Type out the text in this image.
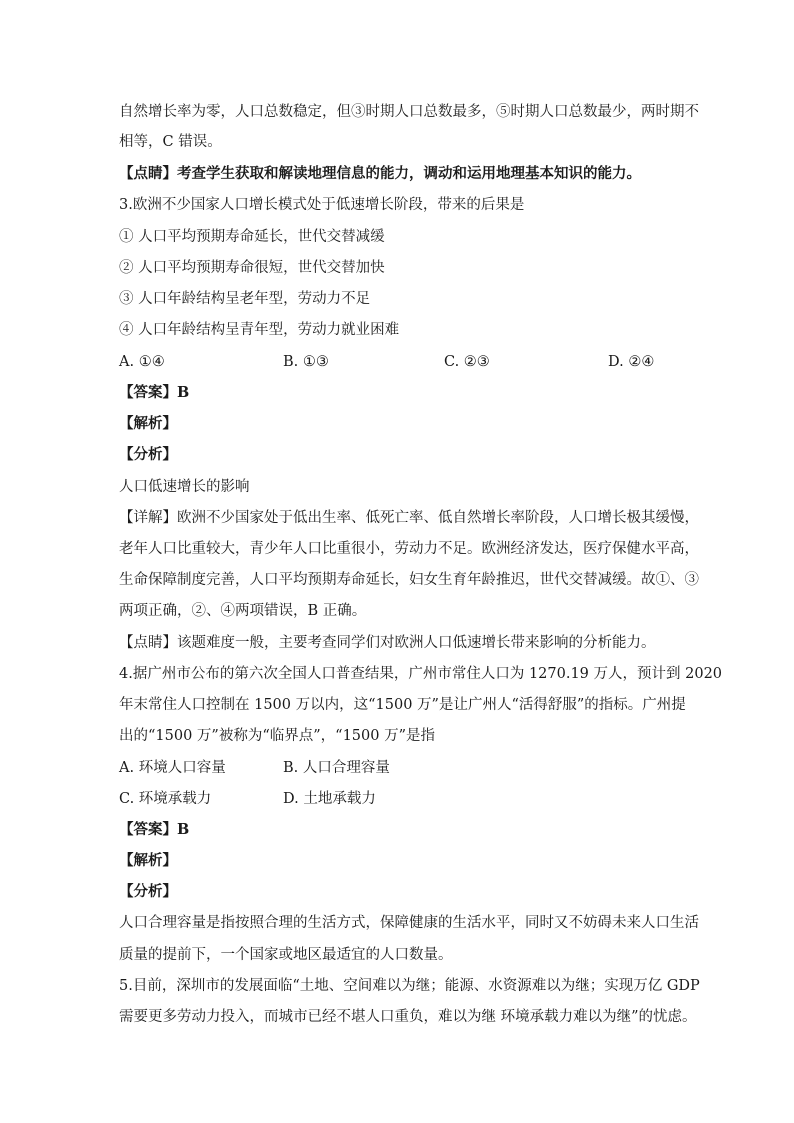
自然增长率为零，人口总数稳定，但③时期人口总数最多，⑤时期人口总数最少，两时期不
相等，C 错误。
【点睛】考查学生获取和解读地理信息的能力，调动和运用地理基本知识的能力。
3.欧洲不少国家人口增长模式处于低速增长阶段，带来的后果是
① 人口平均预期寿命延长，世代交替减缓
② 人口平均预期寿命很短，世代交替加快
③ 人口年龄结构呈老年型，劳动力不足
④ 人口年龄结构呈青年型，劳动力就业困难
A. ①④	B. ①③	C. ②③	D. ②④
【答案】B
【解析】
【分析】
人口低速增长的影响
【详解】欧洲不少国家处于低出生率、低死亡率、低自然增长率阶段，人口增长极其缓慢，
老年人口比重较大，青少年人口比重很小，劳动力不足。欧洲经济发达，医疗保健水平高，
生命保障制度完善，人口平均预期寿命延长，妇女生育年龄推迟，世代交替减缓。故①、③
两项正确，②、④两项错误，B 正确。
【点睛】该题难度一般，主要考查同学们对欧洲人口低速增长带来影响的分析能力。
4.据广州市公布的第六次全国人口普查结果，广州市常住人口为 1270.19 万人，预计到 2020
年末常住人口控制在 1500 万以内，这“1500 万”是让广州人“活得舒服”的指标。广州提
出的“1500 万”被称为“临界点”，“1500 万”是指
A. 环境人口容量	B. 人口合理容量
C. 环境承载力	D. 土地承载力
【答案】B
【解析】
【分析】
人口合理容量是指按照合理的生活方式，保障健康的生活水平，同时又不妨碍未来人口生活
质量的提前下，一个国家或地区最适宜的人口数量。
5.目前，深圳市的发展面临“土地、空间难以为继；能源、水资源难以为继；实现万亿 GDP
需要更多劳动力投入，而城市已经不堪人口重负，难以为继 环境承载力难以为继”的忧虑。
